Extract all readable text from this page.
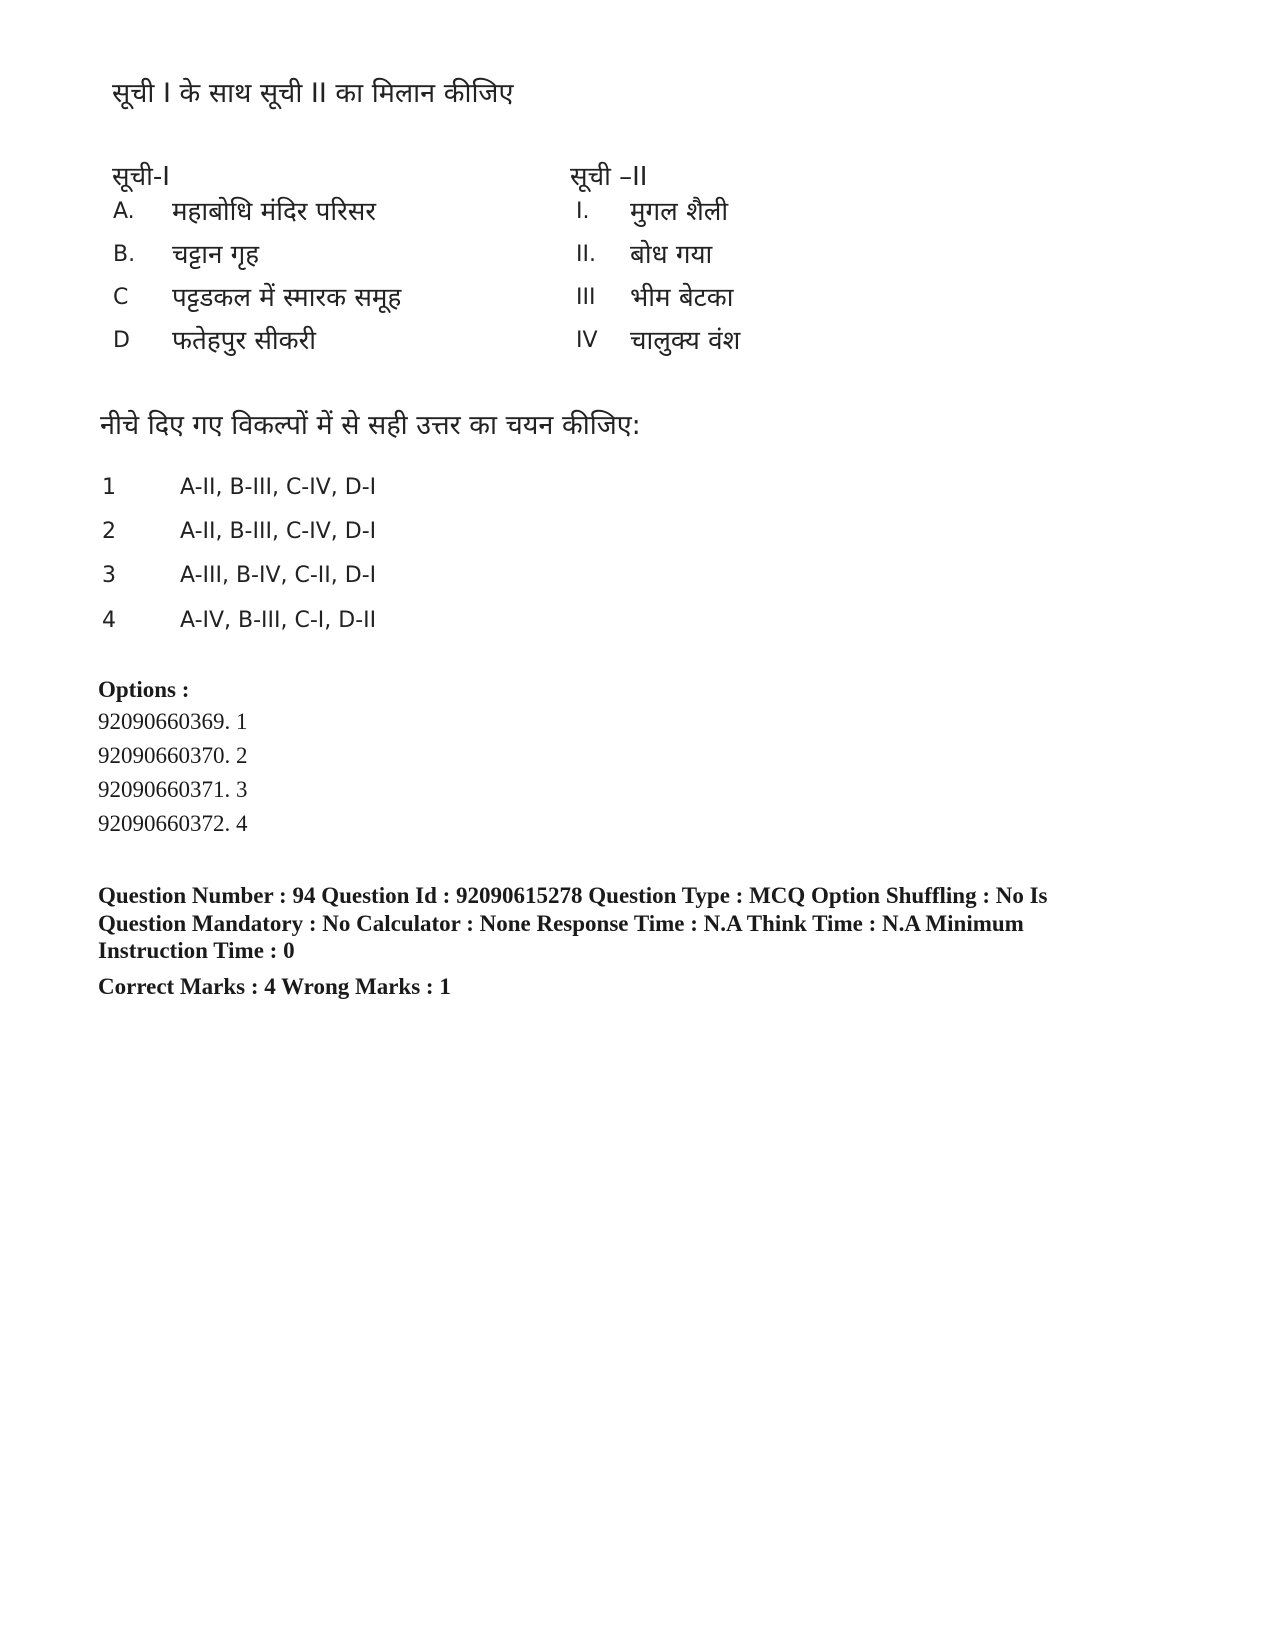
सूची I के साथ सूची II का मिलान कीजिए
सूची-I	सूची –II
A. महाबोधि मंदिर परिसर	I. मुगल शैली
B. चट्टान गृह	II. बोध गया
C पट्टडकल में स्मारक समूह	III भीम बेटका
D फतेहपुर सीकरी	IV चालुक्य वंश
नीचे दिए गए विकल्पों में से सही उत्तर का चयन कीजिए:
1	A-II, B-III, C-IV, D-I
2	A-II, B-III, C-IV, D-I
3	A-III, B-IV, C-II, D-I
4	A-IV, B-III, C-I, D-II
Options :
92090660369. 1
92090660370. 2
92090660371. 3
92090660372. 4
Question Number : 94 Question Id : 92090615278 Question Type : MCQ Option Shuffling : No Is
Question Mandatory : No Calculator : None Response Time : N.A Think Time : N.A Minimum
Instruction Time : 0
Correct Marks : 4 Wrong Marks : 1
